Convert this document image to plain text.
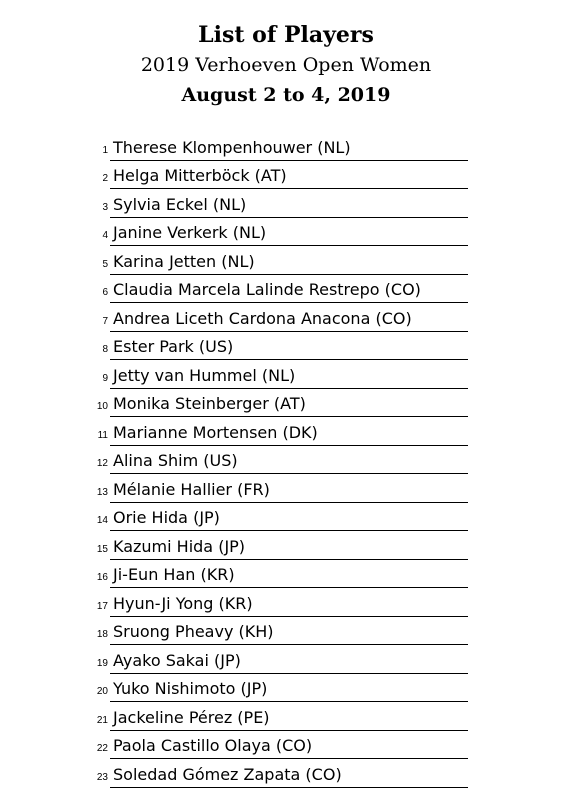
List of Players
2019 Verhoeven Open Women
August 2 to 4, 2019
1 Therese Klompenhouwer (NL)
2 Helga Mitterböck (AT)
3 Sylvia Eckel (NL)
4 Janine Verkerk (NL)
5 Karina Jetten (NL)
6 Claudia Marcela Lalinde Restrepo (CO)
7 Andrea Liceth Cardona Anacona (CO)
8 Ester Park (US)
9 Jetty van Hummel (NL)
10 Monika Steinberger (AT)
11 Marianne Mortensen (DK)
12 Alina Shim (US)
13 Mélanie Hallier (FR)
14 Orie Hida (JP)
15 Kazumi Hida (JP)
16 Ji-Eun Han (KR)
17 Hyun-Ji Yong (KR)
18 Sruong Pheavy (KH)
19 Ayako Sakai (JP)
20 Yuko Nishimoto (JP)
21 Jackeline Pérez (PE)
22 Paola Castillo Olaya (CO)
23 Soledad Gómez Zapata (CO)
